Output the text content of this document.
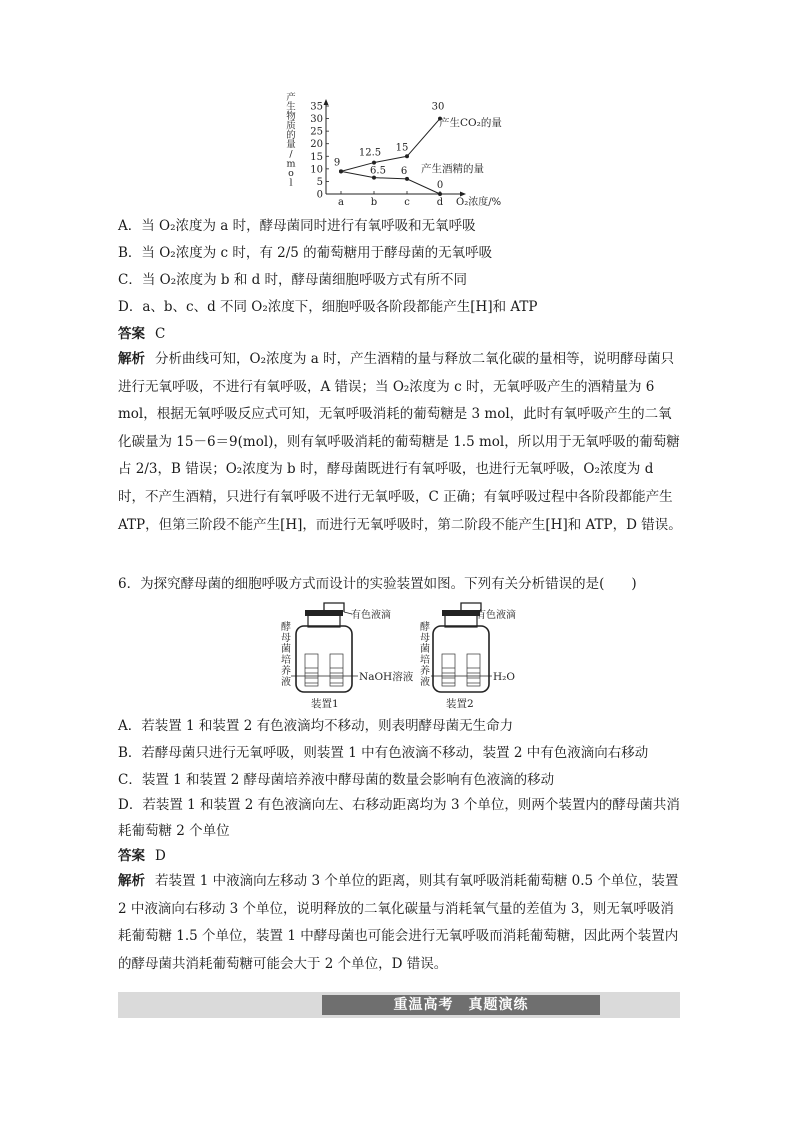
产
生
物
质
的
量
/
m
o
l
0
5
10
15
20
25
30
35
a	b	c	d
9
12.5 15
30
产生CO₂的量
6.5 6
0
产生酒精的量
O₂浓度/%
A．当 O₂浓度为 a 时，酵母菌同时进行有氧呼吸和无氧呼吸
B．当 O₂浓度为 c 时，有 2/5 的葡萄糖用于酵母菌的无氧呼吸
C．当 O₂浓度为 b 和 d 时，酵母菌细胞呼吸方式有所不同
D．a、b、c、d 不同 O₂浓度下，细胞呼吸各阶段都能产生[H]和 ATP
答案 C
解析 分析曲线可知，O₂浓度为 a 时，产生酒精的量与释放二氧化碳的量相等，说明酵母菌只进行无氧呼吸，不进行有氧呼吸，A 错误；当 O₂浓度为 c 时，无氧呼吸产生的酒精量为 6 mol，根据无氧呼吸反应式可知，无氧呼吸消耗的葡萄糖是 3 mol，此时有氧呼吸产生的二氧化碳量为 15－6＝9(mol)，则有氧呼吸消耗的葡萄糖是 1.5 mol，所以用于无氧呼吸的葡萄糖占 2/3，B 错误；O₂浓度为 b 时，酵母菌既进行有氧呼吸，也进行无氧呼吸，O₂浓度为 d 时，不产生酒精，只进行有氧呼吸不进行无氧呼吸，C 正确；有氧呼吸过程中各阶段都能产生 ATP，但第三阶段不能产生[H]，而进行无氧呼吸时，第二阶段不能产生[H]和 ATP，D 错误。
6．为探究酵母菌的细胞呼吸方式而设计的实验装置如图。下列有关分析错误的是(　　)
有色液滴
NaOH溶液
装置1
酵
母
菌
培
养
液
有色液滴
H₂O
装置2
酵
母
菌
培
养
液
A．若装置 1 和装置 2 有色液滴均不移动，则表明酵母菌无生命力
B．若酵母菌只进行无氧呼吸，则装置 1 中有色液滴不移动，装置 2 中有色液滴向右移动
C．装置 1 和装置 2 酵母菌培养液中酵母菌的数量会影响有色液滴的移动
D．若装置 1 和装置 2 有色液滴向左、右移动距离均为 3 个单位，则两个装置内的酵母菌共消耗葡萄糖 2 个单位
答案 D
解析 若装置 1 中液滴向左移动 3 个单位的距离，则其有氧呼吸消耗葡萄糖 0.5 个单位，装置 2 中液滴向右移动 3 个单位，说明释放的二氧化碳量与消耗氧气量的差值为 3，则无氧呼吸消耗葡萄糖 1.5 个单位，装置 1 中酵母菌也可能会进行无氧呼吸而消耗葡萄糖，因此两个装置内的酵母菌共消耗葡萄糖可能会大于 2 个单位，D 错误。
重温高考　真题演练
